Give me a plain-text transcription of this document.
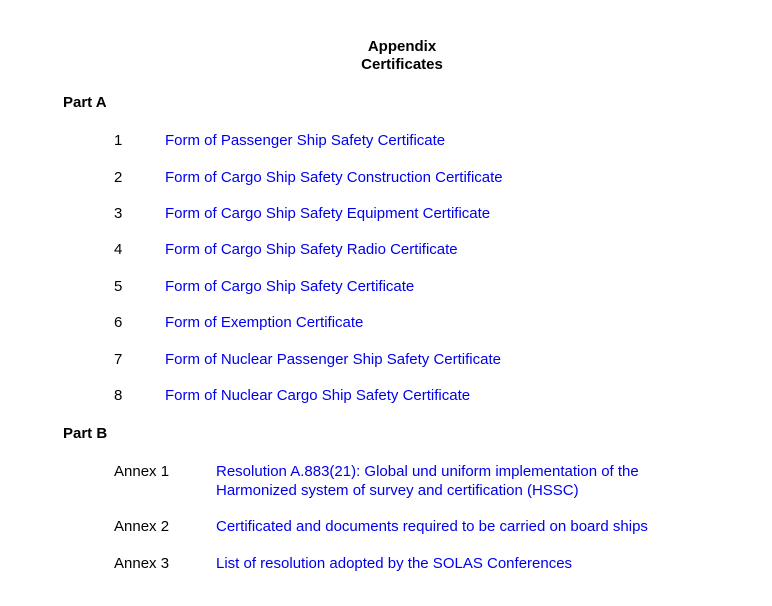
Appendix
Certificates
Part A
1	Form of Passenger Ship Safety Certificate
2	Form of Cargo Ship Safety Construction Certificate
3	Form of Cargo Ship Safety Equipment Certificate
4	Form of Cargo Ship Safety Radio Certificate
5	Form of Cargo Ship Safety Certificate
6	Form of Exemption Certificate
7	Form of Nuclear Passenger Ship Safety Certificate
8	Form of Nuclear Cargo Ship Safety Certificate
Part B
Annex 1	Resolution A.883(21): Global und uniform implementation of the
Harmonized system of survey and certification (HSSC)
Annex 2	Certificated and documents required to be carried on board ships
Annex 3	List of resolution adopted by the SOLAS Conferences
